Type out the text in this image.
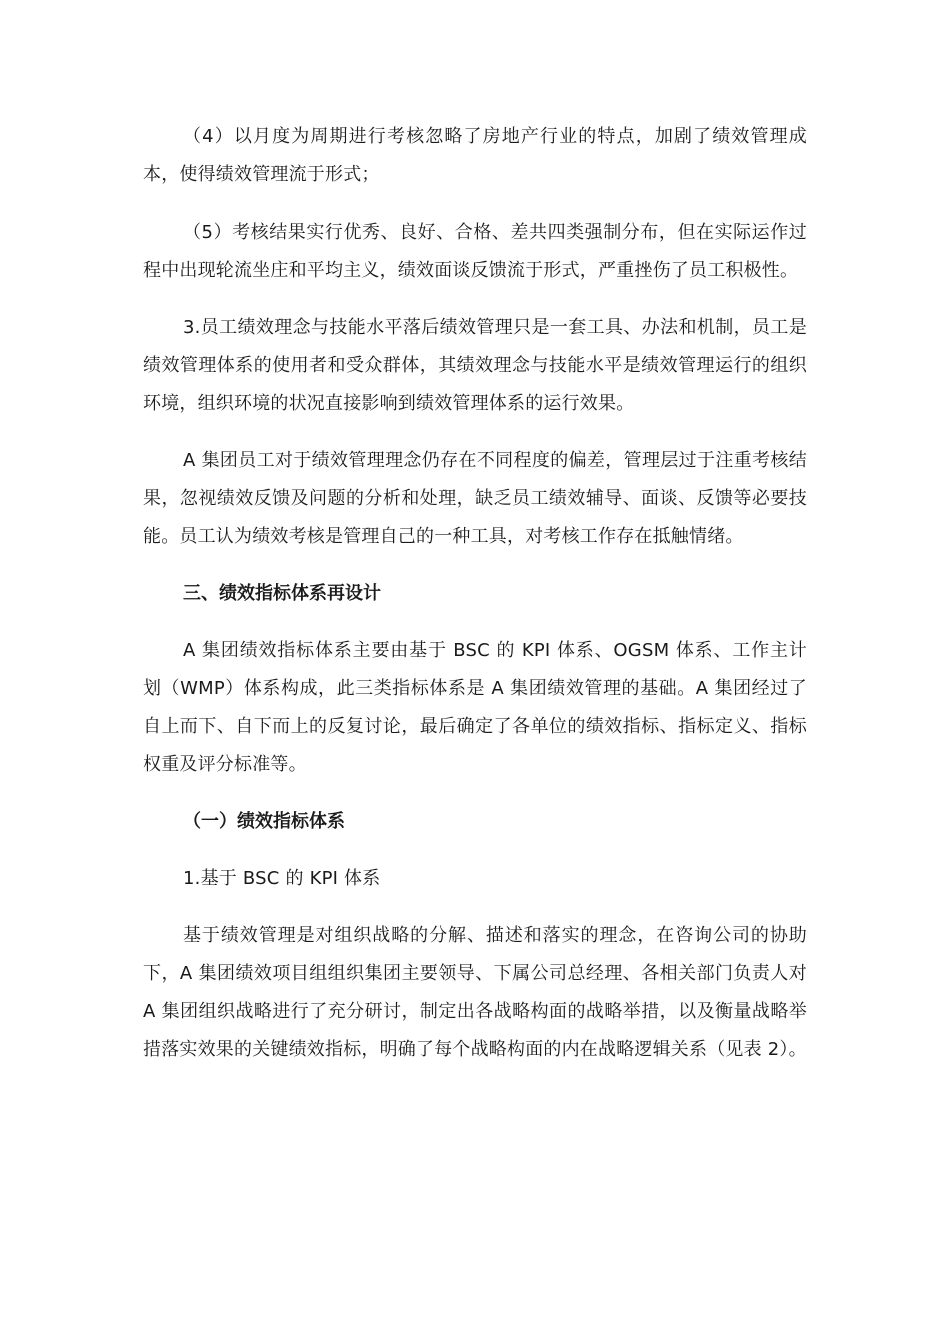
（4）以月度为周期进行考核忽略了房地产行业的特点，加剧了绩效管理成本，使得绩效管理流于形式；

（5）考核结果实行优秀、良好、合格、差共四类强制分布，但在实际运作过程中出现轮流坐庄和平均主义，绩效面谈反馈流于形式，严重挫伤了员工积极性。

3.员工绩效理念与技能水平落后绩效管理只是一套工具、办法和机制，员工是绩效管理体系的使用者和受众群体，其绩效理念与技能水平是绩效管理运行的组织环境，组织环境的状况直接影响到绩效管理体系的运行效果。

A 集团员工对于绩效管理理念仍存在不同程度的偏差，管理层过于注重考核结果，忽视绩效反馈及问题的分析和处理，缺乏员工绩效辅导、面谈、反馈等必要技能。员工认为绩效考核是管理自己的一种工具，对考核工作存在抵触情绪。

三、绩效指标体系再设计

A 集团绩效指标体系主要由基于 BSC 的 KPI 体系、OGSM 体系、工作主计划（WMP）体系构成，此三类指标体系是 A 集团绩效管理的基础。A 集团经过了自上而下、自下而上的反复讨论，最后确定了各单位的绩效指标、指标定义、指标权重及评分标准等。

（一）绩效指标体系

1.基于 BSC 的 KPI 体系

基于绩效管理是对组织战略的分解、描述和落实的理念，在咨询公司的协助下，A 集团绩效项目组组织集团主要领导、下属公司总经理、各相关部门负责人对 A 集团组织战略进行了充分研讨，制定出各战略构面的战略举措，以及衡量战略举措落实效果的关键绩效指标，明确了每个战略构面的内在战略逻辑关系（见表 2）。
